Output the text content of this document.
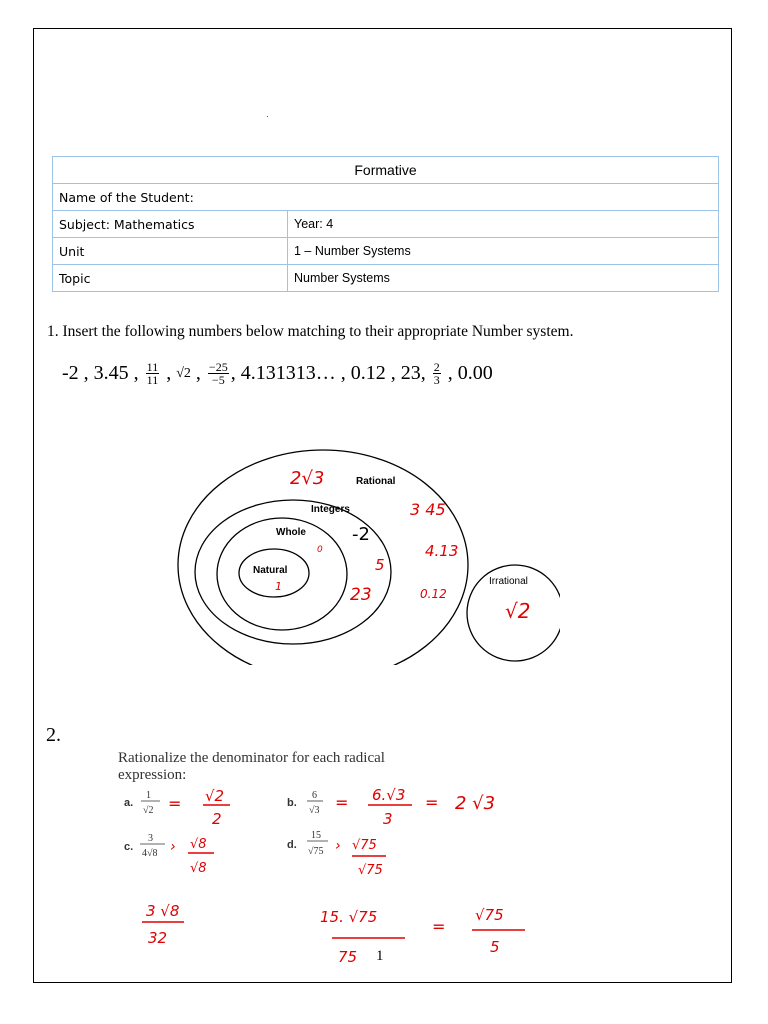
Formative	
Name of the Student:	
Subject: Mathematics	Year: 4
Unit	1 – Number Systems
Topic	Number Systems
1. Insert the following numbers below matching to their appropriate Number system.
-2 , 3.45 , $\frac{11}{11}$ , √2 , $\frac{-25}{-5}$ , 4.131313… , 0.12 , 23, $\frac{2}{3}$ , 0.00
Rational
Integers
Whole
Natural
Irrational
2√3
3 45
4.13
0.12
5
23
0
1
√2
-2
2.
Rationalize the denominator for each radical
expression:
a.
1
√2
b.
6
√3
c.
3
4√8
d.
15
√75
= √2
2
= 6.√3
3
= 2 √3
› √8
√8
3 √8
32
› √75
√75
15. √75
75
=
√75
5
1
